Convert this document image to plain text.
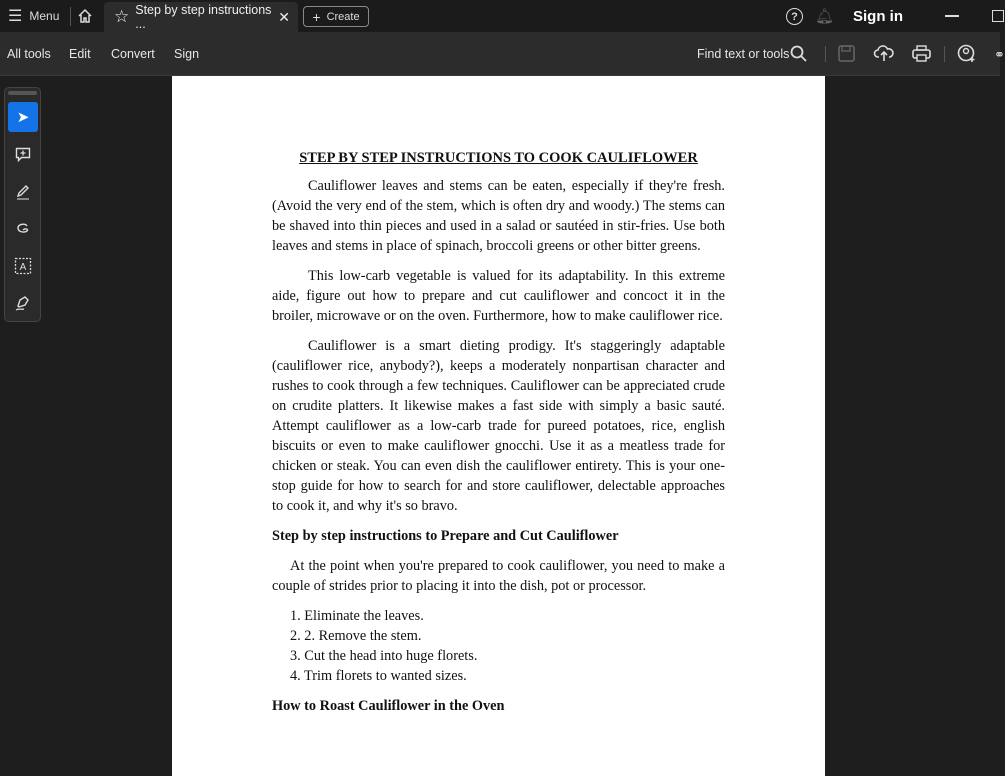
☰ Menu	☆ Step by step instructions ...	✕ + Create	?	🔔︎ Sign in
All tools Edit Convert Sign	Find text or tools	⚭
➤
A
STEP BY STEP INSTRUCTIONS TO COOK CAULIFLOWER

Cauliflower leaves and stems can be eaten, especially if they're fresh. (Avoid the very end of the stem, which is often dry and woody.) The stems can be shaved into thin pieces and used in a salad or sautéed in stir-fries. Use both leaves and stems in place of spinach, broccoli greens or other bitter greens.

This low-carb vegetable is valued for its adaptability. In this extreme aide, figure out how to prepare and cut cauliflower and concoct it in the broiler, microwave or on the oven. Furthermore, how to make cauliflower rice.

Cauliflower is a smart dieting prodigy. It's staggeringly adaptable (cauliflower rice, anybody?), keeps a moderately nonpartisan character and rushes to cook through a few techniques. Cauliflower can be appreciated crude on crudite platters. It likewise makes a fast side with simply a basic sauté. Attempt cauliflower as a low-carb trade for pureed potatoes, rice, english biscuits or even to make cauliflower gnocchi. Use it as a meatless trade for chicken or steak. You can even dish the cauliflower entirety. This is your one-stop guide for how to search for and store cauliflower, delectable approaches to cook it, and why it's so bravo.

Step by step instructions to Prepare and Cut Cauliflower

At the point when you're prepared to cook cauliflower, you need to make a couple of strides prior to placing it into the dish, pot or processor.

1. Eliminate the leaves.
2. 2. Remove the stem.
3. Cut the head into huge florets.
4. Trim florets to wanted sizes.
How to Roast Cauliflower in the Oven
